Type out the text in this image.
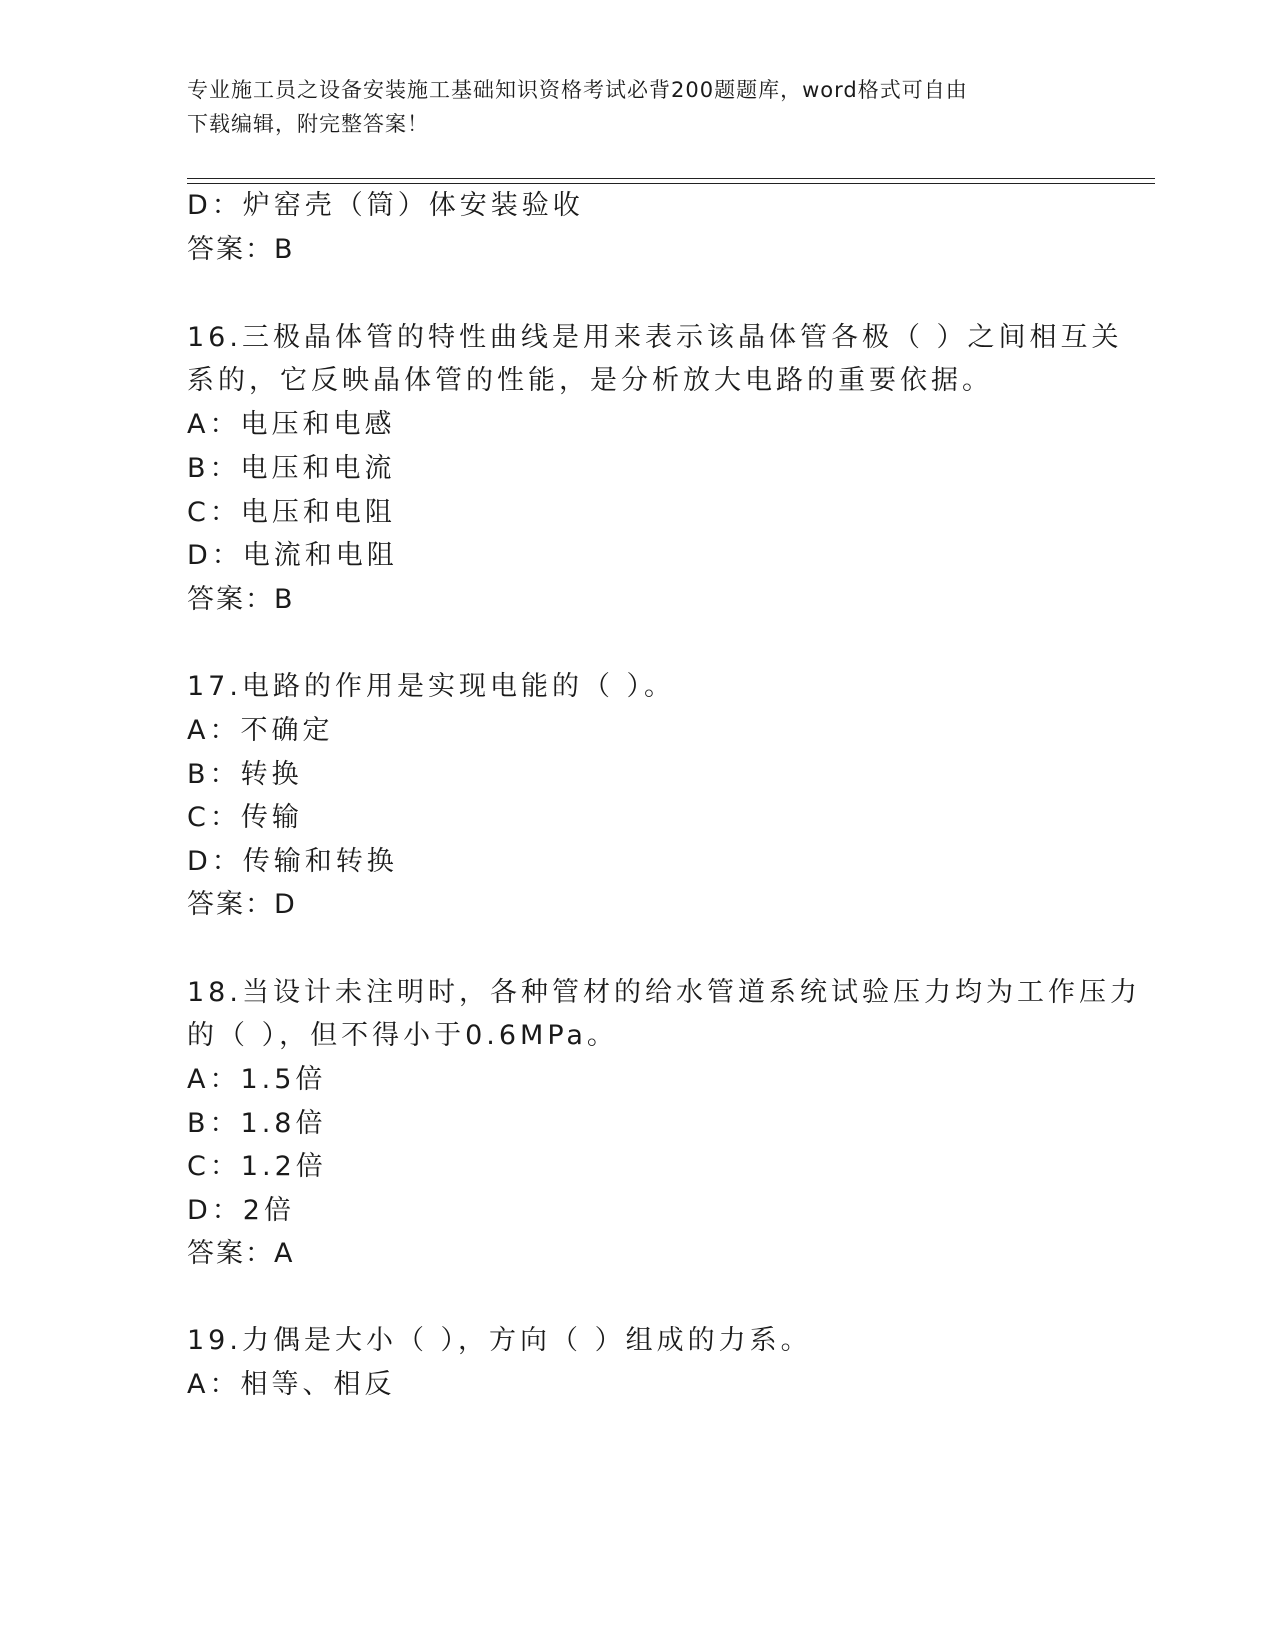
专业施工员之设备安装施工基础知识资格考试必背200题题库，word格式可自由
下载编辑，附完整答案！
D：炉窑壳（筒）体安装验收
答案：B
16.三极晶体管的特性曲线是用来表示该晶体管各极（ ）之间相互关
系的，它反映晶体管的性能，是分析放大电路的重要依据。
A：电压和电感
B：电压和电流
C：电压和电阻
D：电流和电阻
答案：B
17.电路的作用是实现电能的（ ）。
A：不确定
B：转换
C：传输
D：传输和转换
答案：D
18.当设计未注明时，各种管材的给水管道系统试验压力均为工作压力
的（ ），但不得小于0.6MPa。
A：1.5倍
B：1.8倍
C：1.2倍
D：2倍
答案：A
19.力偶是大小（ ），方向（ ）组成的力系。
A：相等、相反
